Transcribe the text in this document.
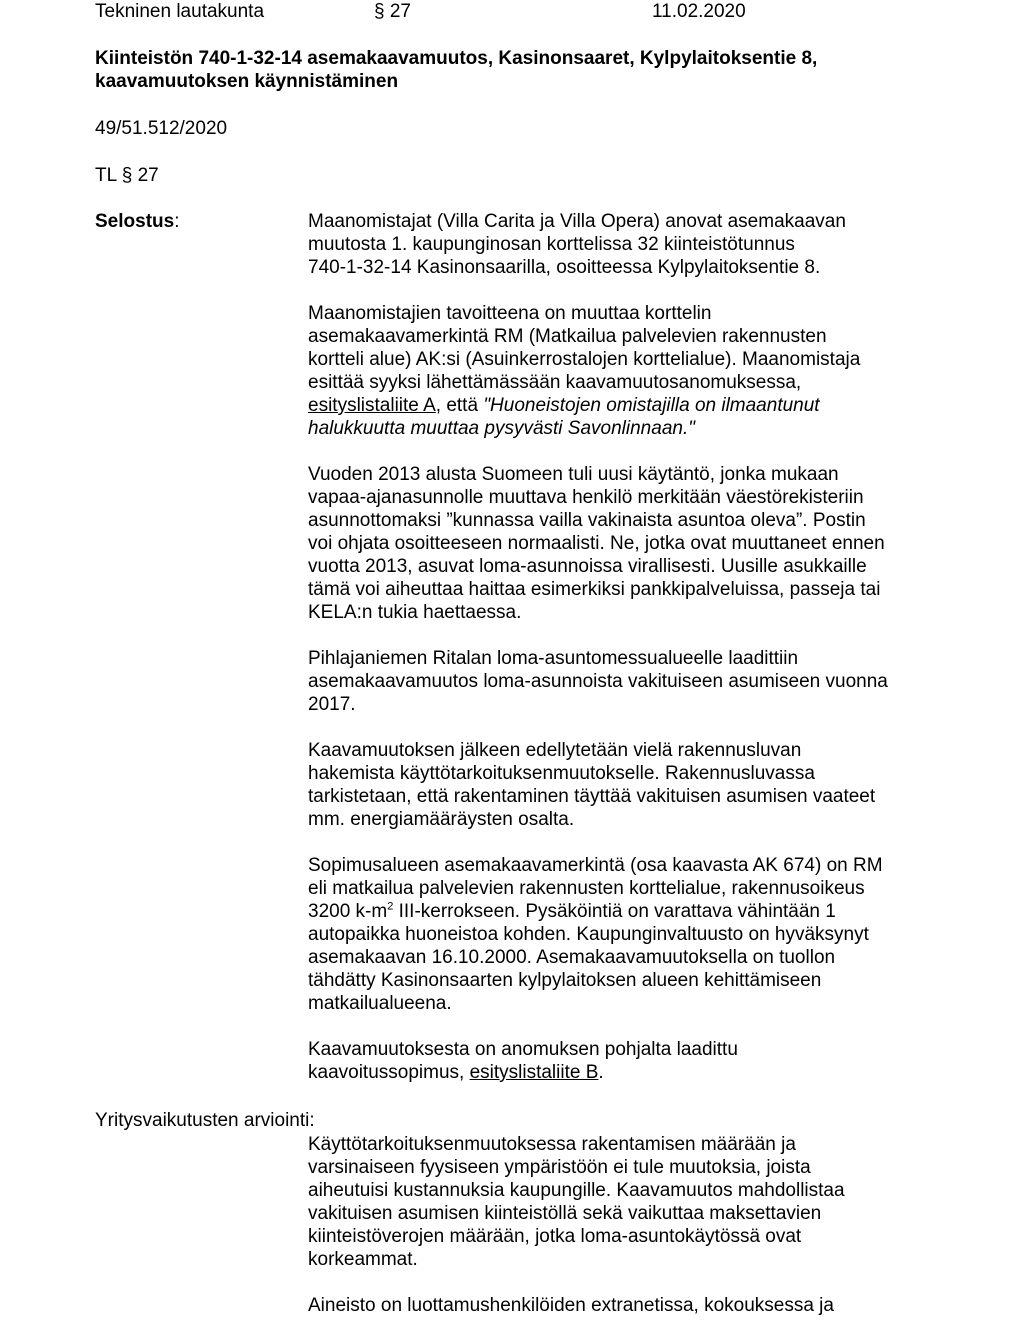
Tekninen lautakunta	§ 27	11.02.2020
Kiinteistön 740-1-32-14 asemakaavamuutos, Kasinonsaaret, Kylpylaitoksentie 8,
kaavamuutoksen käynnistäminen
49/51.512/2020
TL § 27
Selostus:	Maanomistajat (Villa Carita ja Villa Opera) anovat asemakaavan
muutosta 1. kaupunginosan korttelissa 32 kiinteistötunnus
740-1-32-14 Kasinonsaarilla, osoitteessa Kylpylaitoksentie 8.
Maanomistajien tavoitteena on muuttaa korttelin
asemakaavamerkintä RM (Matkailua palvelevien rakennusten
kortteli alue) AK:si (Asuinkerrostalojen korttelialue). Maanomistaja
esittää syyksi lähettämässään kaavamuutosanomuksessa,
esityslistaliite A, että "Huoneistojen omistajilla on ilmaantunut
halukkuutta muuttaa pysyvästi Savonlinnaan."
Vuoden 2013 alusta Suomeen tuli uusi käytäntö, jonka mukaan
vapaa-ajanasunnolle muuttava henkilö merkitään väestörekisteriin
asunnottomaksi ”kunnassa vailla vakinaista asuntoa oleva”. Postin
voi ohjata osoitteeseen normaalisti. Ne, jotka ovat muuttaneet ennen
vuotta 2013, asuvat loma-asunnoissa virallisesti. Uusille asukkaille
tämä voi aiheuttaa haittaa esimerkiksi pankkipalveluissa, passeja tai
KELA:n tukia haettaessa.
Pihlajaniemen Ritalan loma-asuntomessualueelle laadittiin
asemakaavamuutos loma-asunnoista vakituiseen asumiseen vuonna
2017.
Kaavamuutoksen jälkeen edellytetään vielä rakennusluvan
hakemista käyttötarkoituksenmuutokselle. Rakennusluvassa
tarkistetaan, että rakentaminen täyttää vakituisen asumisen vaateet
mm. energiamääräysten osalta.
Sopimusalueen asemakaavamerkintä (osa kaavasta AK 674) on RM
eli matkailua palvelevien rakennusten korttelialue, rakennusoikeus
3200 $k-m^2$ III-kerrokseen. Pysäköintiä on varattava vähintään 1
autopaikka huoneistoa kohden. Kaupunginvaltuusto on hyväksynyt
asemakaavan 16.10.2000. Asemakaavamuutoksella on tuollon
tähdätty Kasinonsaarten kylpylaitoksen alueen kehittämiseen
matkailualueena.
Kaavamuutoksesta on anomuksen pohjalta laadittu
kaavoitussopimus, esityslistaliite B.
Yritysvaikutusten arviointi:
Käyttötarkoituksenmuutoksessa rakentamisen määrään ja
varsinaiseen fyysiseen ympäristöön ei tule muutoksia, joista
aiheutuisi kustannuksia kaupungille. Kaavamuutos mahdollistaa
vakituisen asumisen kiinteistöllä sekä vaikuttaa maksettavien
kiinteistöverojen määrään, jotka loma-asuntokäytössä ovat
korkeammat.
Aineisto on luottamushenkilöiden extranetissa, kokouksessa ja
